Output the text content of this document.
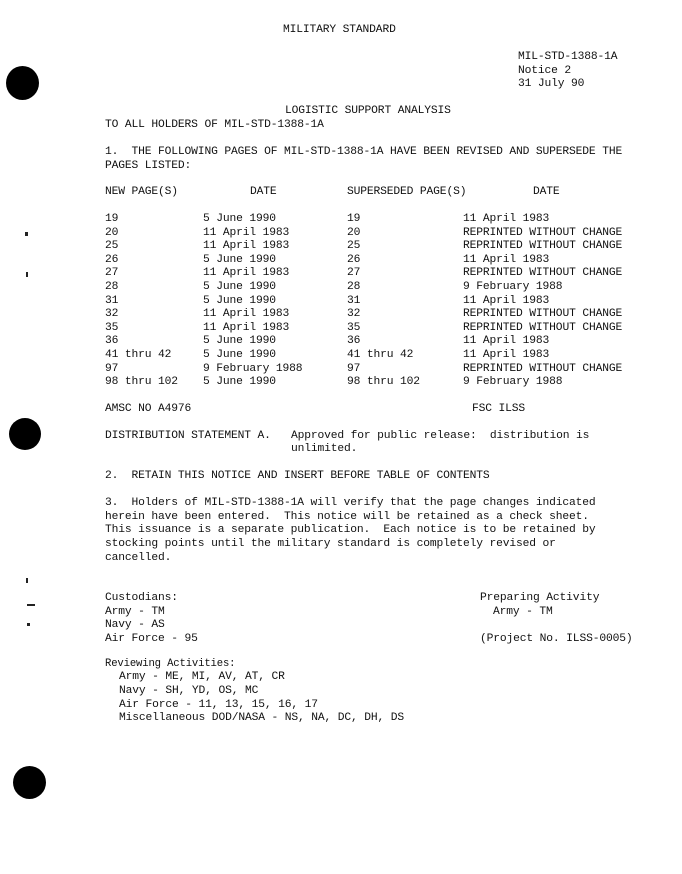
MILITARY STANDARD
MIL-STD-1388-1A
Notice 2
31 July 90
LOGISTIC SUPPORT ANALYSIS
TO ALL HOLDERS OF MIL-STD-1388-1A
1.  THE FOLLOWING PAGES OF MIL-STD-1388-1A HAVE BEEN REVISED AND SUPERSEDE THE
PAGES LISTED:
NEW PAGE(S)	DATE	SUPERSEDED PAGE(S)	DATE
19	5 June 1990	19	11 April 1983
20	11 April 1983	20	REPRINTED WITHOUT CHANGE
25	11 April 1983	25	REPRINTED WITHOUT CHANGE
26	5 June 1990	26	11 April 1983
27	11 April 1983	27	REPRINTED WITHOUT CHANGE
28	5 June 1990	28	9 February 1988
31	5 June 1990	31	11 April 1983
32	11 April 1983	32	REPRINTED WITHOUT CHANGE
35	11 April 1983	35	REPRINTED WITHOUT CHANGE
36	5 June 1990	36	11 April 1983
41 thru 42	5 June 1990	41 thru 42	11 April 1983
97	9 February 1988	97	REPRINTED WITHOUT CHANGE
98 thru 102 5 June 1990	98 thru 102	9 February 1988
AMSC NO A4976	FSC ILSS
DISTRIBUTION STATEMENT A. Approved for public release:  distribution is
unlimited.
2.  RETAIN THIS NOTICE AND INSERT BEFORE TABLE OF CONTENTS
3.  Holders of MIL-STD-1388-1A will verify that the page changes indicated
herein have been entered.  This notice will be retained as a check sheet.
This issuance is a separate publication.  Each notice is to be retained by
stocking points until the military standard is completely revised or
cancelled.
Custodians:
Army - TM
Navy - AS
Air Force - 95
Preparing Activity
Army - TM
(Project No. ILSS-0005)
Reviewing Activities:
Army - ME, MI, AV, AT, CR
Navy - SH, YD, OS, MC
Air Force - 11, 13, 15, 16, 17
Miscellaneous DOD/NASA - NS, NA, DC, DH, DS
